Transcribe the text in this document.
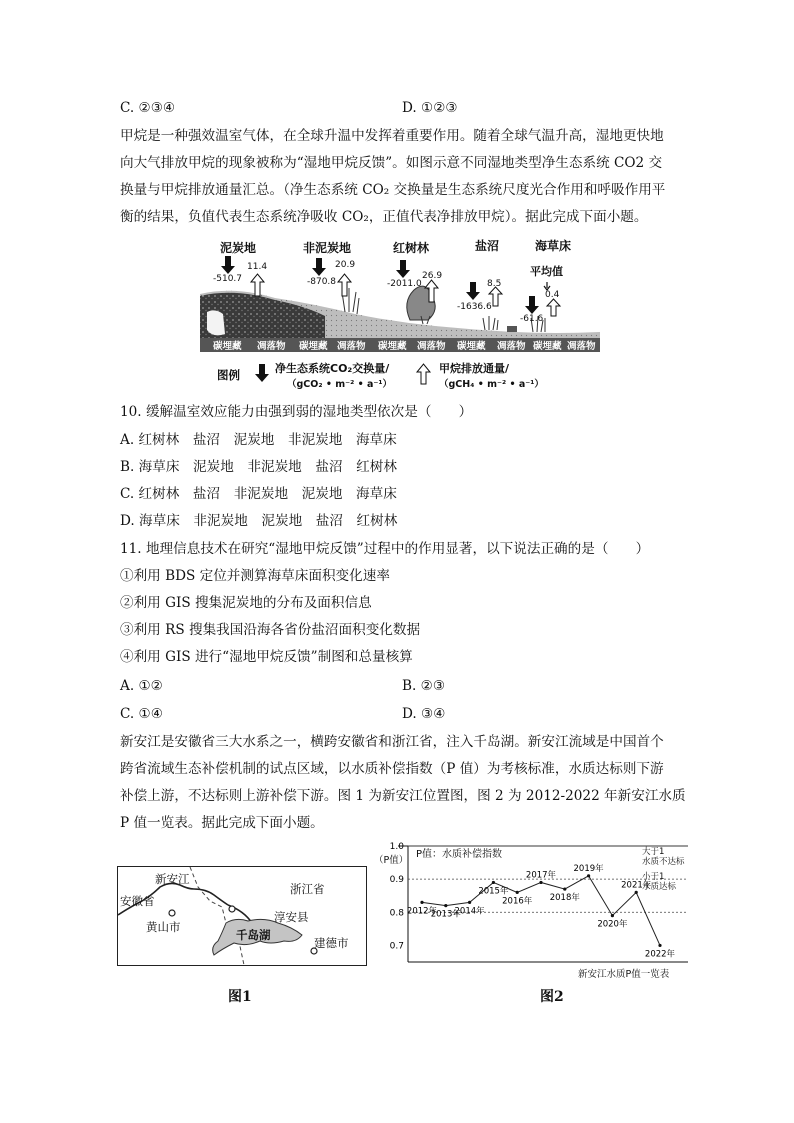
C. ②③④	D. ①②③
甲烷是一种强效温室气体，在全球升温中发挥着重要作用。随着全球气温升高，湿地更快地
向大气排放甲烷的现象被称为“湿地甲烷反馈”。如图示意不同湿地类型净生态系统 CO2 交
换量与甲烷排放通量汇总。（净生态系统 CO₂ 交换量是生态系统尺度光合作用和呼吸作用平
衡的结果，负值代表生态系统净吸收 CO₂，正值代表净排放甲烷）。据此完成下面小题。
泥炭地	非泥炭地	红树林	盐沼	海草床
平均值
-510.7
11.4
-870.8
20.9
-2011.0
26.9
-1636.6
8.5
-61.6
0.4
碳埋藏 凋落物 碳埋藏 凋落物 碳埋藏 凋落物 碳埋藏 凋落物 碳埋藏 凋落物
图例	净生态系统CO₂交换量/
（gCO₂ • m⁻² • a⁻¹）
甲烷排放通量/
（gCH₄ • m⁻² • a⁻¹）
10. 缓解温室效应能力由强到弱的湿地类型依次是（　　）
A. 红树林　盐沼　泥炭地　非泥炭地　海草床
B. 海草床　泥炭地　非泥炭地　盐沼　红树林
C. 红树林　盐沼　非泥炭地　泥炭地　海草床
D. 海草床　非泥炭地　泥炭地　盐沼　红树林
11. 地理信息技术在研究“湿地甲烷反馈”过程中的作用显著，以下说法正确的是（　　）
①利用 BDS 定位并测算海草床面积变化速率
②利用 GIS 搜集泥炭地的分布及面积信息
③利用 RS 搜集我国沿海各省份盐沼面积变化数据
④利用 GIS 进行“湿地甲烷反馈”制图和总量核算
A. ①②	B. ②③
C. ①④	D. ③④
新安江是安徽省三大水系之一，横跨安徽省和浙江省，注入千岛湖。新安江流域是中国首个
跨省流域生态补偿机制的试点区域，以水质补偿指数（P 值）为考核标准，水质达标则下游
补偿上游，不达标则上游补偿下游。图 1 为新安江位置图，图 2 为 2012-2022 年新安江水质
P 值一览表。据此完成下面小题。
新安江
安徽省
浙江省
黄山市
淳安县
千岛湖
建德市
图1
0.7
0.8
0.9
1.0
2012年
2013年
2014年
2015年
2016年
2017年
2018年
2019年
2020年
2021年
2022年
（P值）
P值：水质补偿指数	大于1
水质不达标
小于1
水质达标
新安江水质P值一览表
图2
